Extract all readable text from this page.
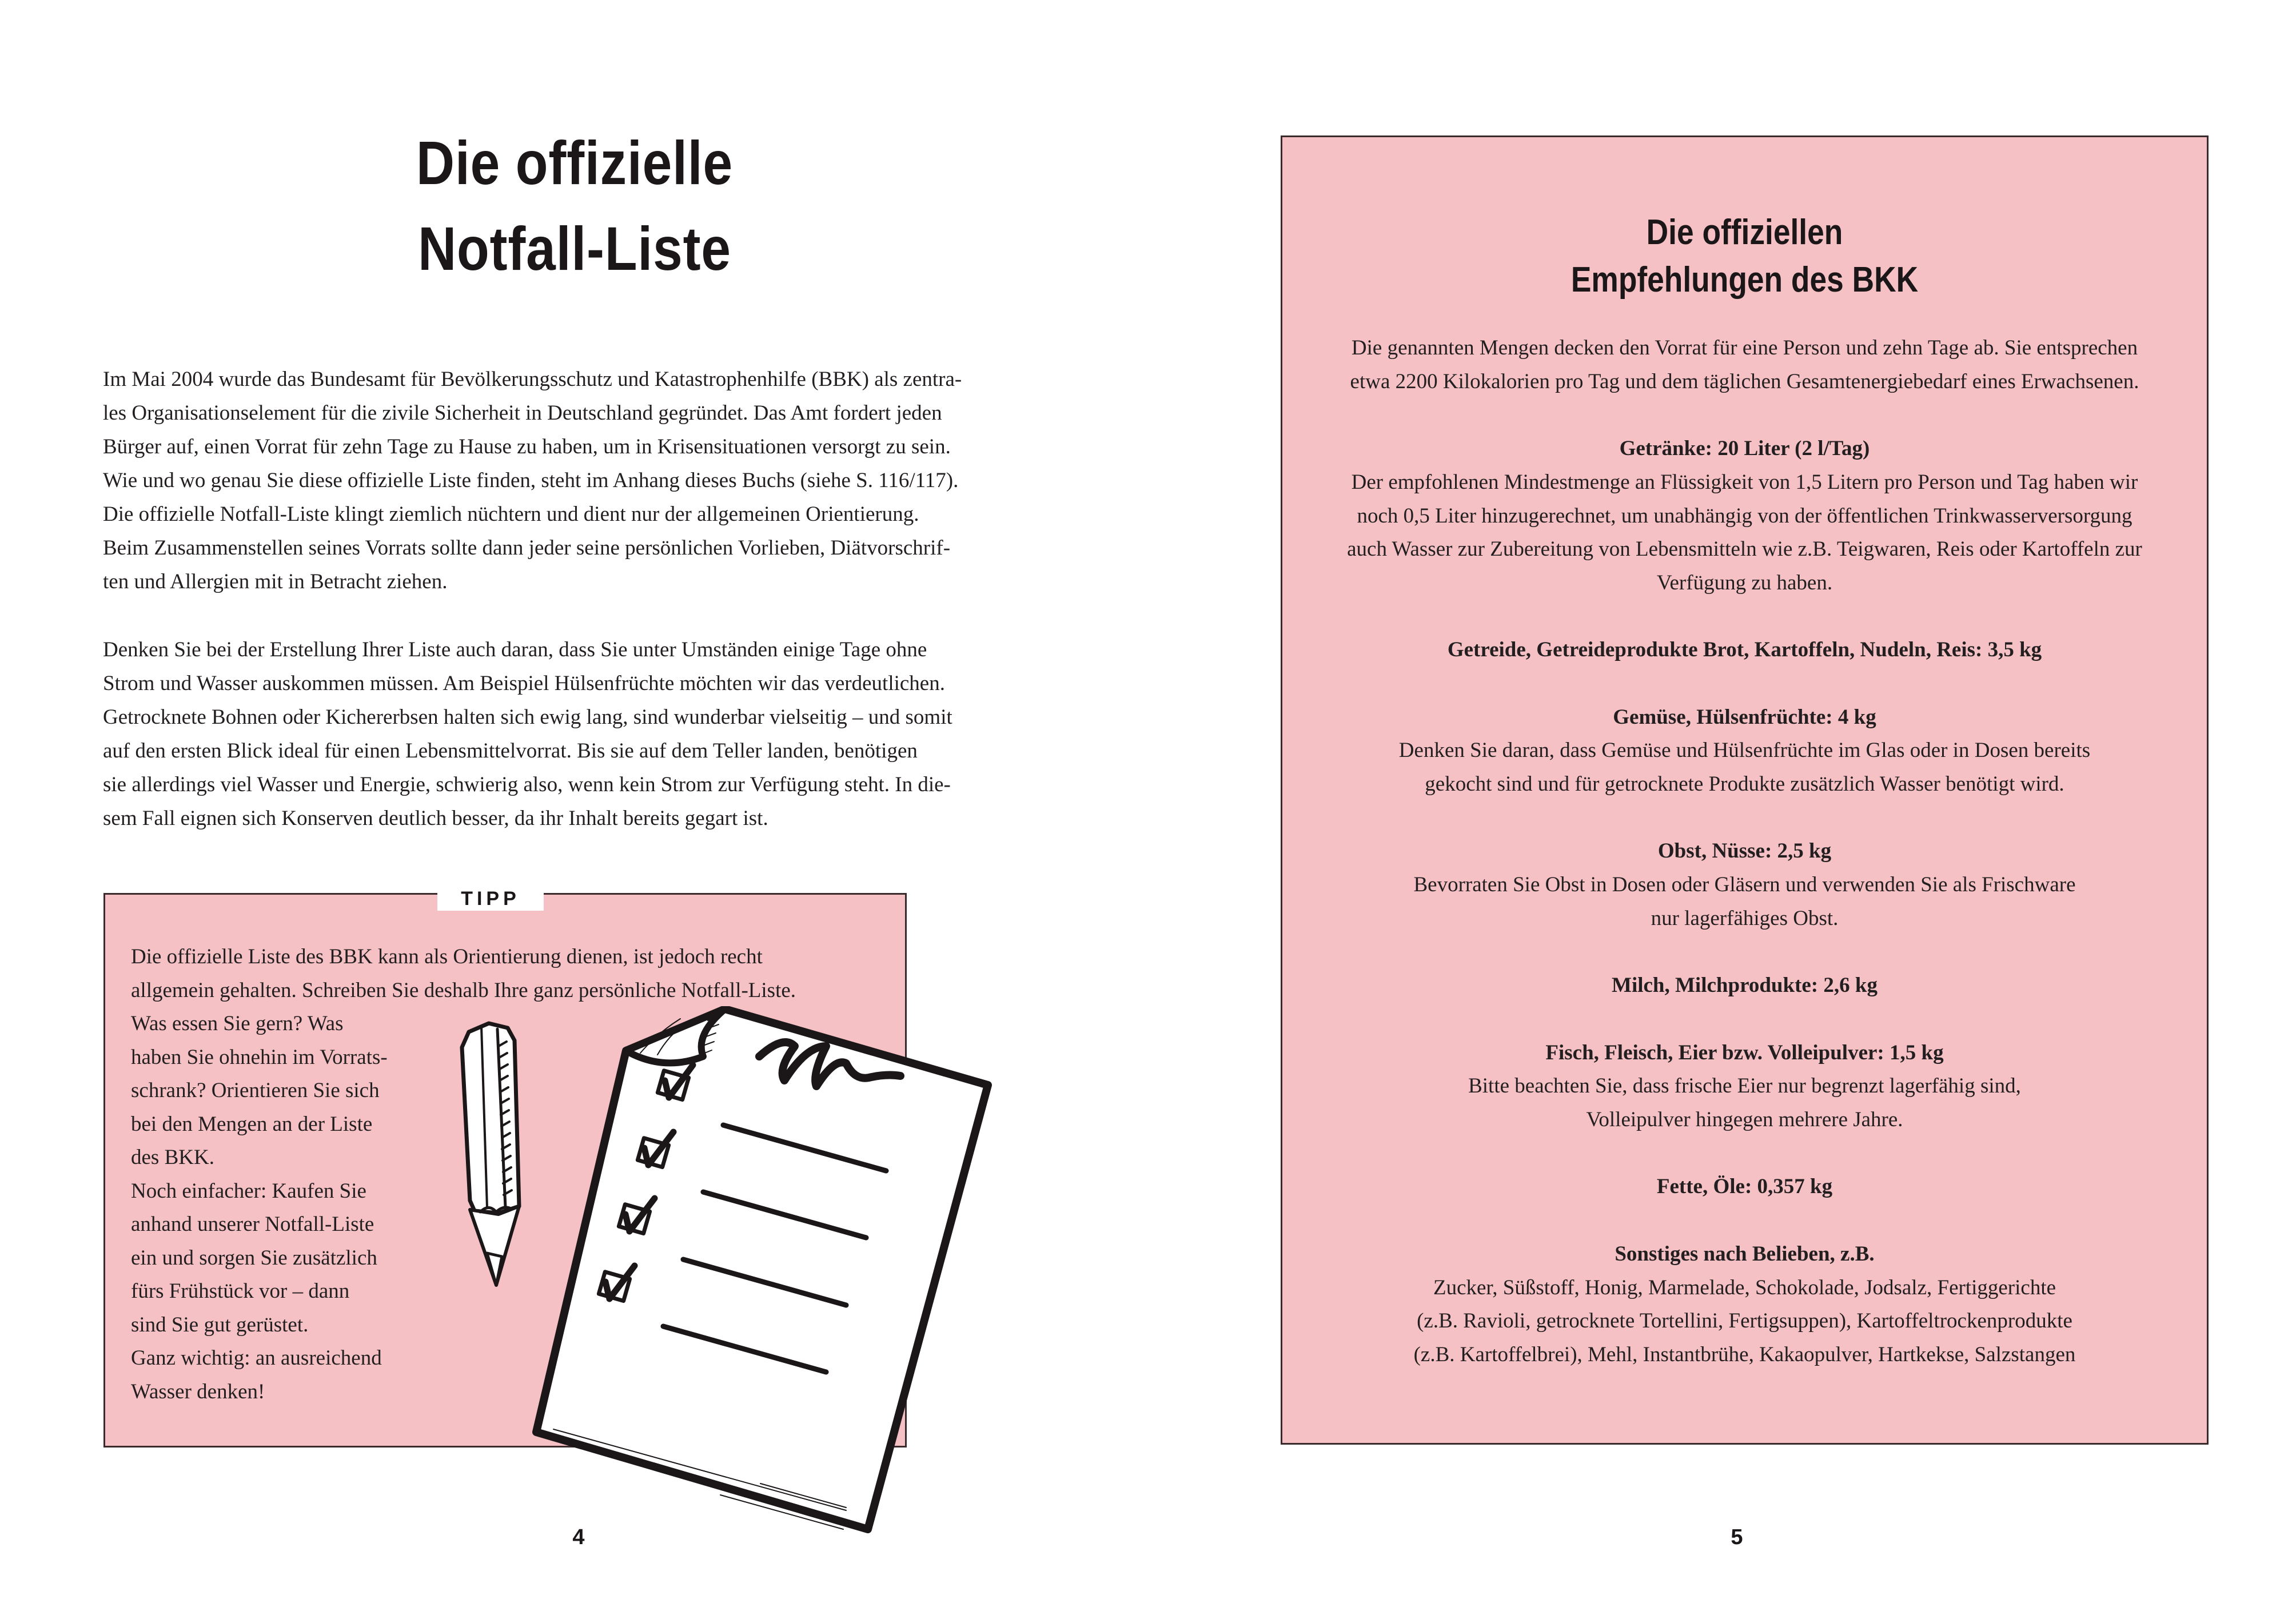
Die offizielle
Notfall-Liste

Im Mai 2004 wurde das Bundesamt für Bevölkerungsschutz und Katastrophenhilfe (BBK) als zentra-
les Organisationselement für die zivile Sicherheit in Deutschland gegründet. Das Amt fordert jeden
Bürger auf, einen Vorrat für zehn Tage zu Hause zu haben, um in Krisensituationen versorgt zu sein.
Wie und wo genau Sie diese offizielle Liste finden, steht im Anhang dieses Buchs (siehe S. 116/117).
Die offizielle Notfall-Liste klingt ziemlich nüchtern und dient nur der allgemeinen Orientierung.
Beim Zusammenstellen seines Vorrats sollte dann jeder seine persönlichen Vorlieben, Diätvorschrif-
ten und Allergien mit in Betracht ziehen.

Denken Sie bei der Erstellung Ihrer Liste auch daran, dass Sie unter Umständen einige Tage ohne
Strom und Wasser auskommen müssen. Am Beispiel Hülsenfrüchte möchten wir das verdeutlichen.
Getrocknete Bohnen oder Kichererbsen halten sich ewig lang, sind wunderbar vielseitig – und somit
auf den ersten Blick ideal für einen Lebensmittelvorrat. Bis sie auf dem Teller landen, benötigen
sie allerdings viel Wasser und Energie, schwierig also, wenn kein Strom zur Verfügung steht. In die-
sem Fall eignen sich Konserven deutlich besser, da ihr Inhalt bereits gegart ist.

TIPP

Die offizielle Liste des BBK kann als Orientierung dienen, ist jedoch recht
allgemein gehalten. Schreiben Sie deshalb Ihre ganz persönliche Notfall-Liste.
Was essen Sie gern? Was
haben Sie ohnehin im Vorrats-
schrank? Orientieren Sie sich
bei den Mengen an der Liste
des BKK.
Noch einfacher: Kaufen Sie
anhand unserer Notfall-Liste
ein und sorgen Sie zusätzlich
fürs Frühstück vor – dann
sind Sie gut gerüstet.
Ganz wichtig: an ausreichend
Wasser denken!

4
Die offiziellen
Empfehlungen des BKK
Die genannten Mengen decken den Vorrat für eine Person und zehn Tage ab. Sie entsprechen
etwa 2200 Kilokalorien pro Tag und dem täglichen Gesamtenergiebedarf eines Erwachsenen.
Getränke: 20 Liter (2 l/Tag)
Der empfohlenen Mindestmenge an Flüssigkeit von 1,5 Litern pro Person und Tag haben wir
noch 0,5 Liter hinzugerechnet, um unabhängig von der öffentlichen Trinkwasserversorgung
auch Wasser zur Zubereitung von Lebensmitteln wie z.B. Teigwaren, Reis oder Kartoffeln zur
Verfügung zu haben.
Getreide, Getreideprodukte Brot, Kartoffeln, Nudeln, Reis: 3,5 kg
Gemüse, Hülsenfrüchte: 4 kg
Denken Sie daran, dass Gemüse und Hülsenfrüchte im Glas oder in Dosen bereits
gekocht sind und für getrocknete Produkte zusätzlich Wasser benötigt wird.
Obst, Nüsse: 2,5 kg
Bevorraten Sie Obst in Dosen oder Gläsern und verwenden Sie als Frischware
nur lagerfähiges Obst.
Milch, Milchprodukte: 2,6 kg
Fisch, Fleisch, Eier bzw. Volleipulver: 1,5 kg
Bitte beachten Sie, dass frische Eier nur begrenzt lagerfähig sind,
Volleipulver hingegen mehrere Jahre.
Fette, Öle: 0,357 kg
Sonstiges nach Belieben, z.B.
Zucker, Süßstoff, Honig, Marmelade, Schokolade, Jodsalz, Fertiggerichte
(z.B. Ravioli, getrocknete Tortellini, Fertigsuppen), Kartoffeltrockenprodukte
(z.B. Kartoffelbrei), Mehl, Instantbrühe, Kakaopulver, Hartkekse, Salzstangen
5
